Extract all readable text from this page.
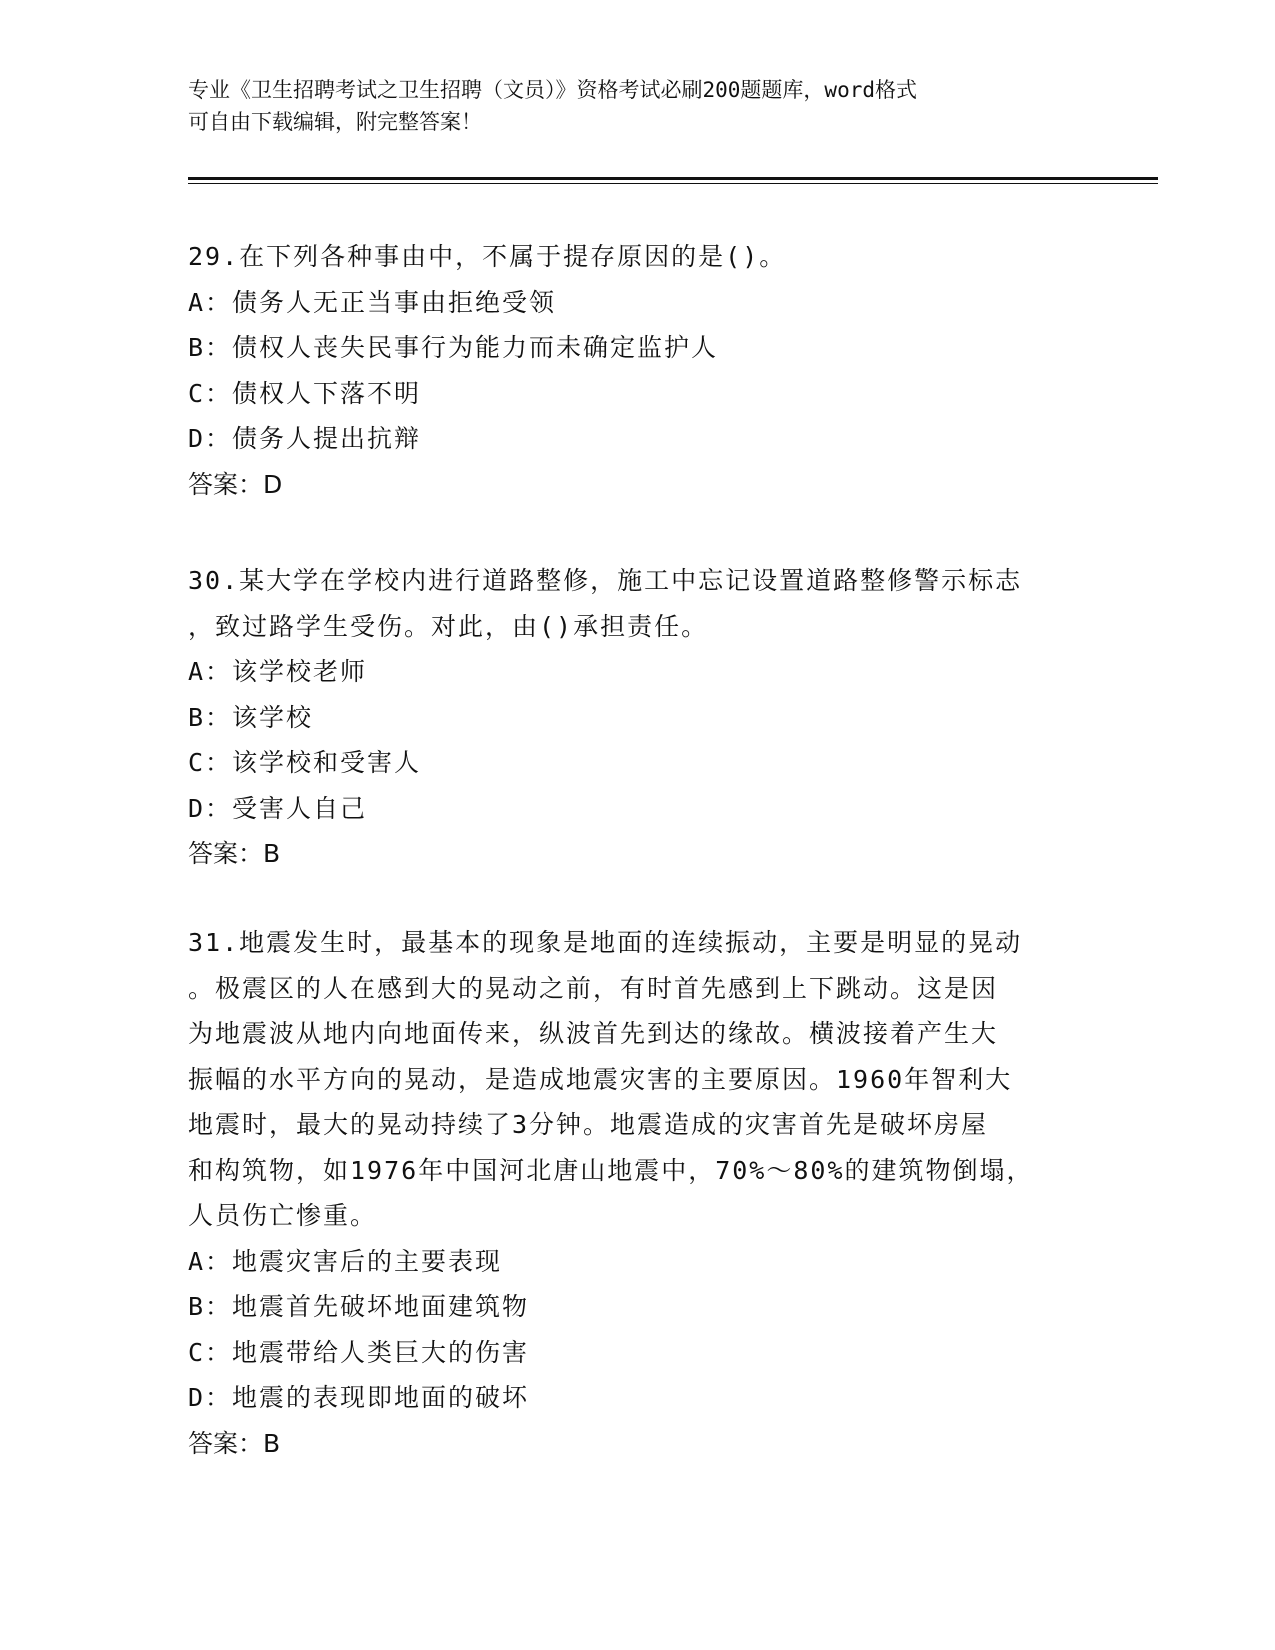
专业《卫生招聘考试之卫生招聘（文员）》资格考试必刷200题题库，word格式
可自由下载编辑，附完整答案！
29.在下列各种事由中，不属于提存原因的是()。
A：债务人无正当事由拒绝受领
B：债权人丧失民事行为能力而未确定监护人
C：债权人下落不明
D：债务人提出抗辩
答案：D
30.某大学在学校内进行道路整修，施工中忘记设置道路整修警示标志
，致过路学生受伤。对此，由()承担责任。
A：该学校老师
B：该学校
C：该学校和受害人
D：受害人自己
答案：B
31.地震发生时，最基本的现象是地面的连续振动，主要是明显的晃动
。极震区的人在感到大的晃动之前，有时首先感到上下跳动。这是因
为地震波从地内向地面传来，纵波首先到达的缘故。横波接着产生大
振幅的水平方向的晃动，是造成地震灾害的主要原因。1960年智利大
地震时，最大的晃动持续了3分钟。地震造成的灾害首先是破坏房屋
和构筑物，如1976年中国河北唐山地震中，70%～80%的建筑物倒塌，
人员伤亡惨重。
A：地震灾害后的主要表现
B：地震首先破坏地面建筑物
C：地震带给人类巨大的伤害
D：地震的表现即地面的破坏
答案：B
